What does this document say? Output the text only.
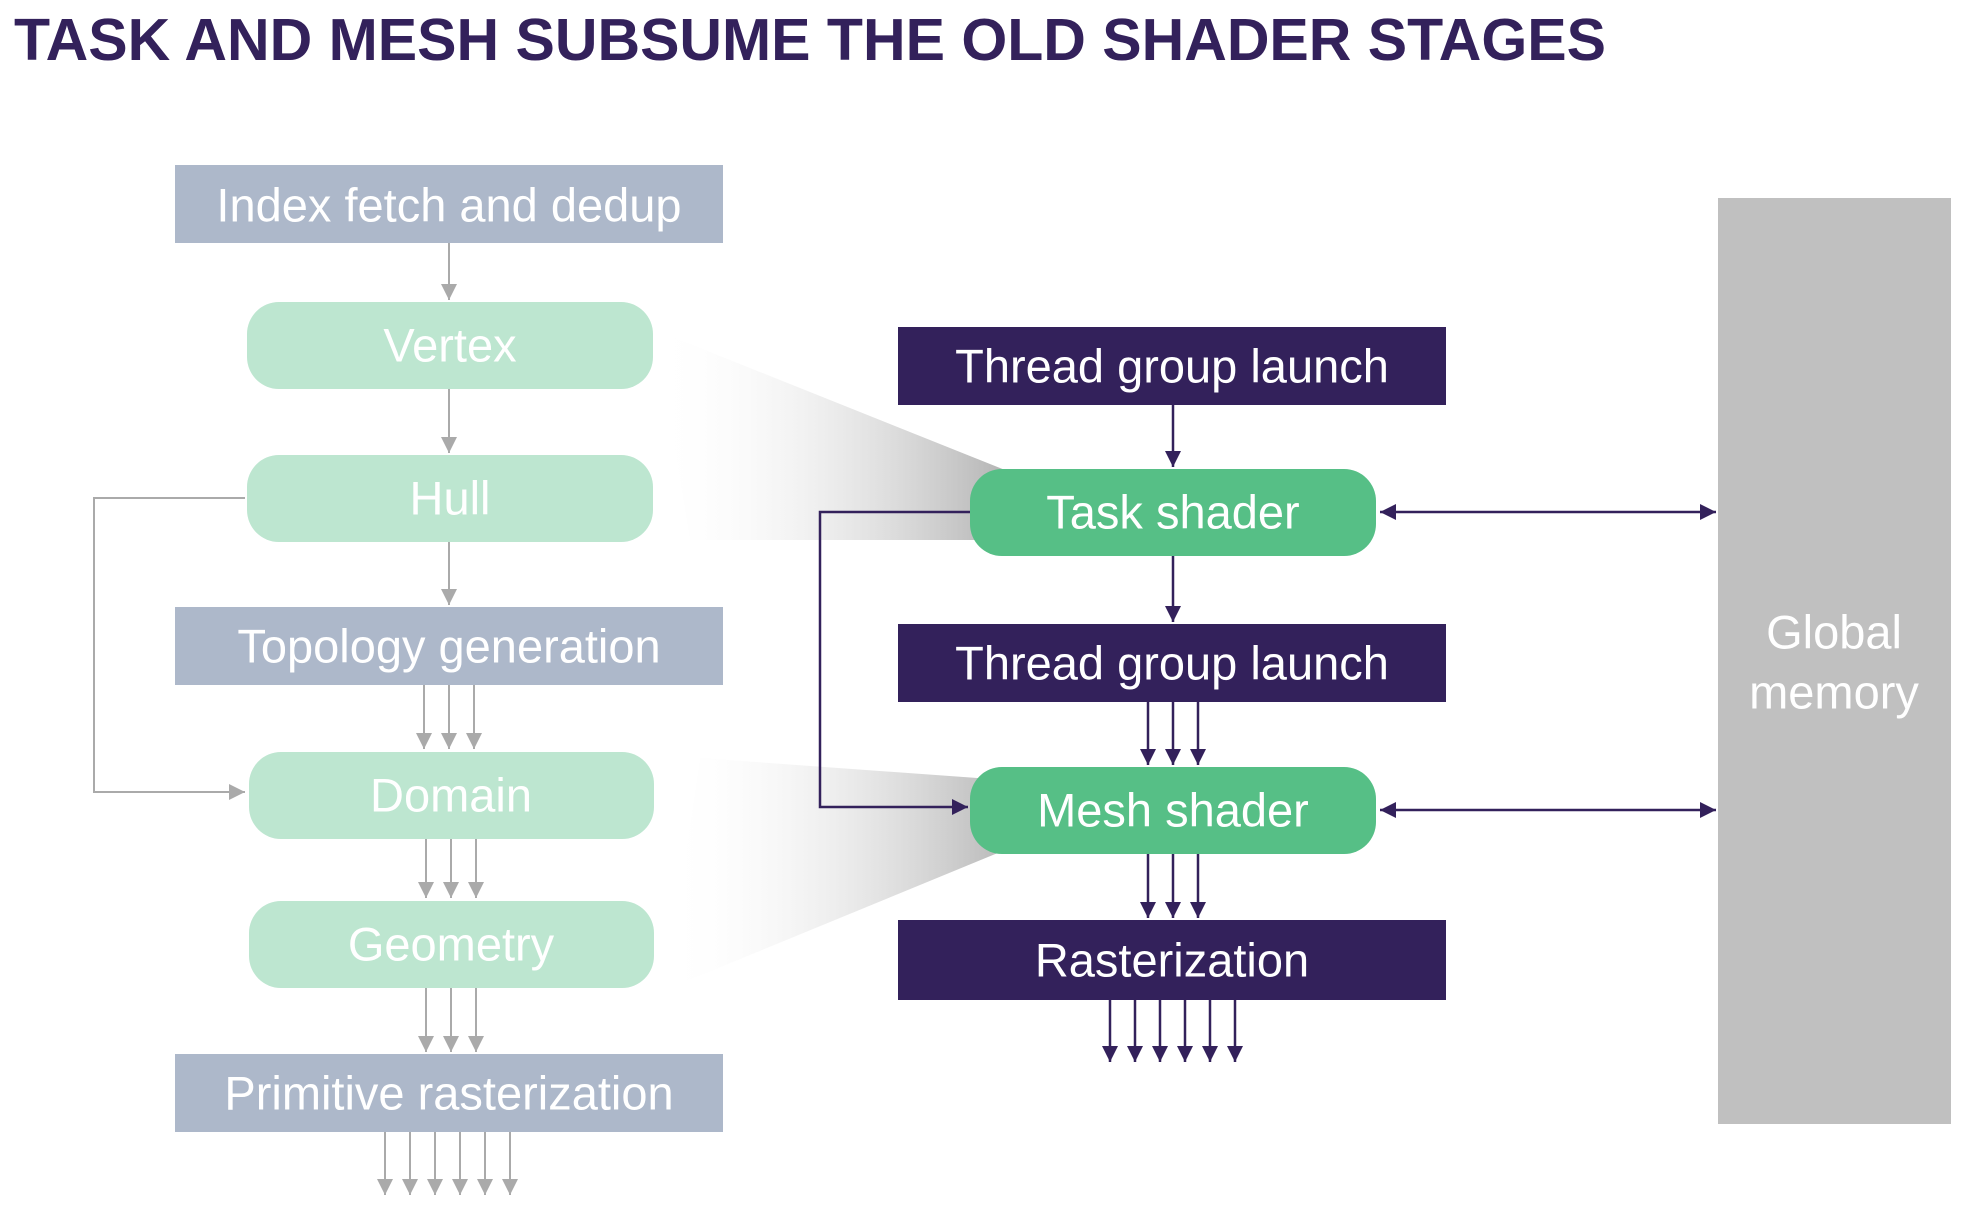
TASK AND MESH SUBSUME THE OLD SHADER STAGES
Index fetch and dedup
Vertex
Hull
Topology generation
Domain
Geometry
Primitive rasterization
Thread group launch
Task shader
Thread group launch
Mesh shader
Rasterization
Global
memory
